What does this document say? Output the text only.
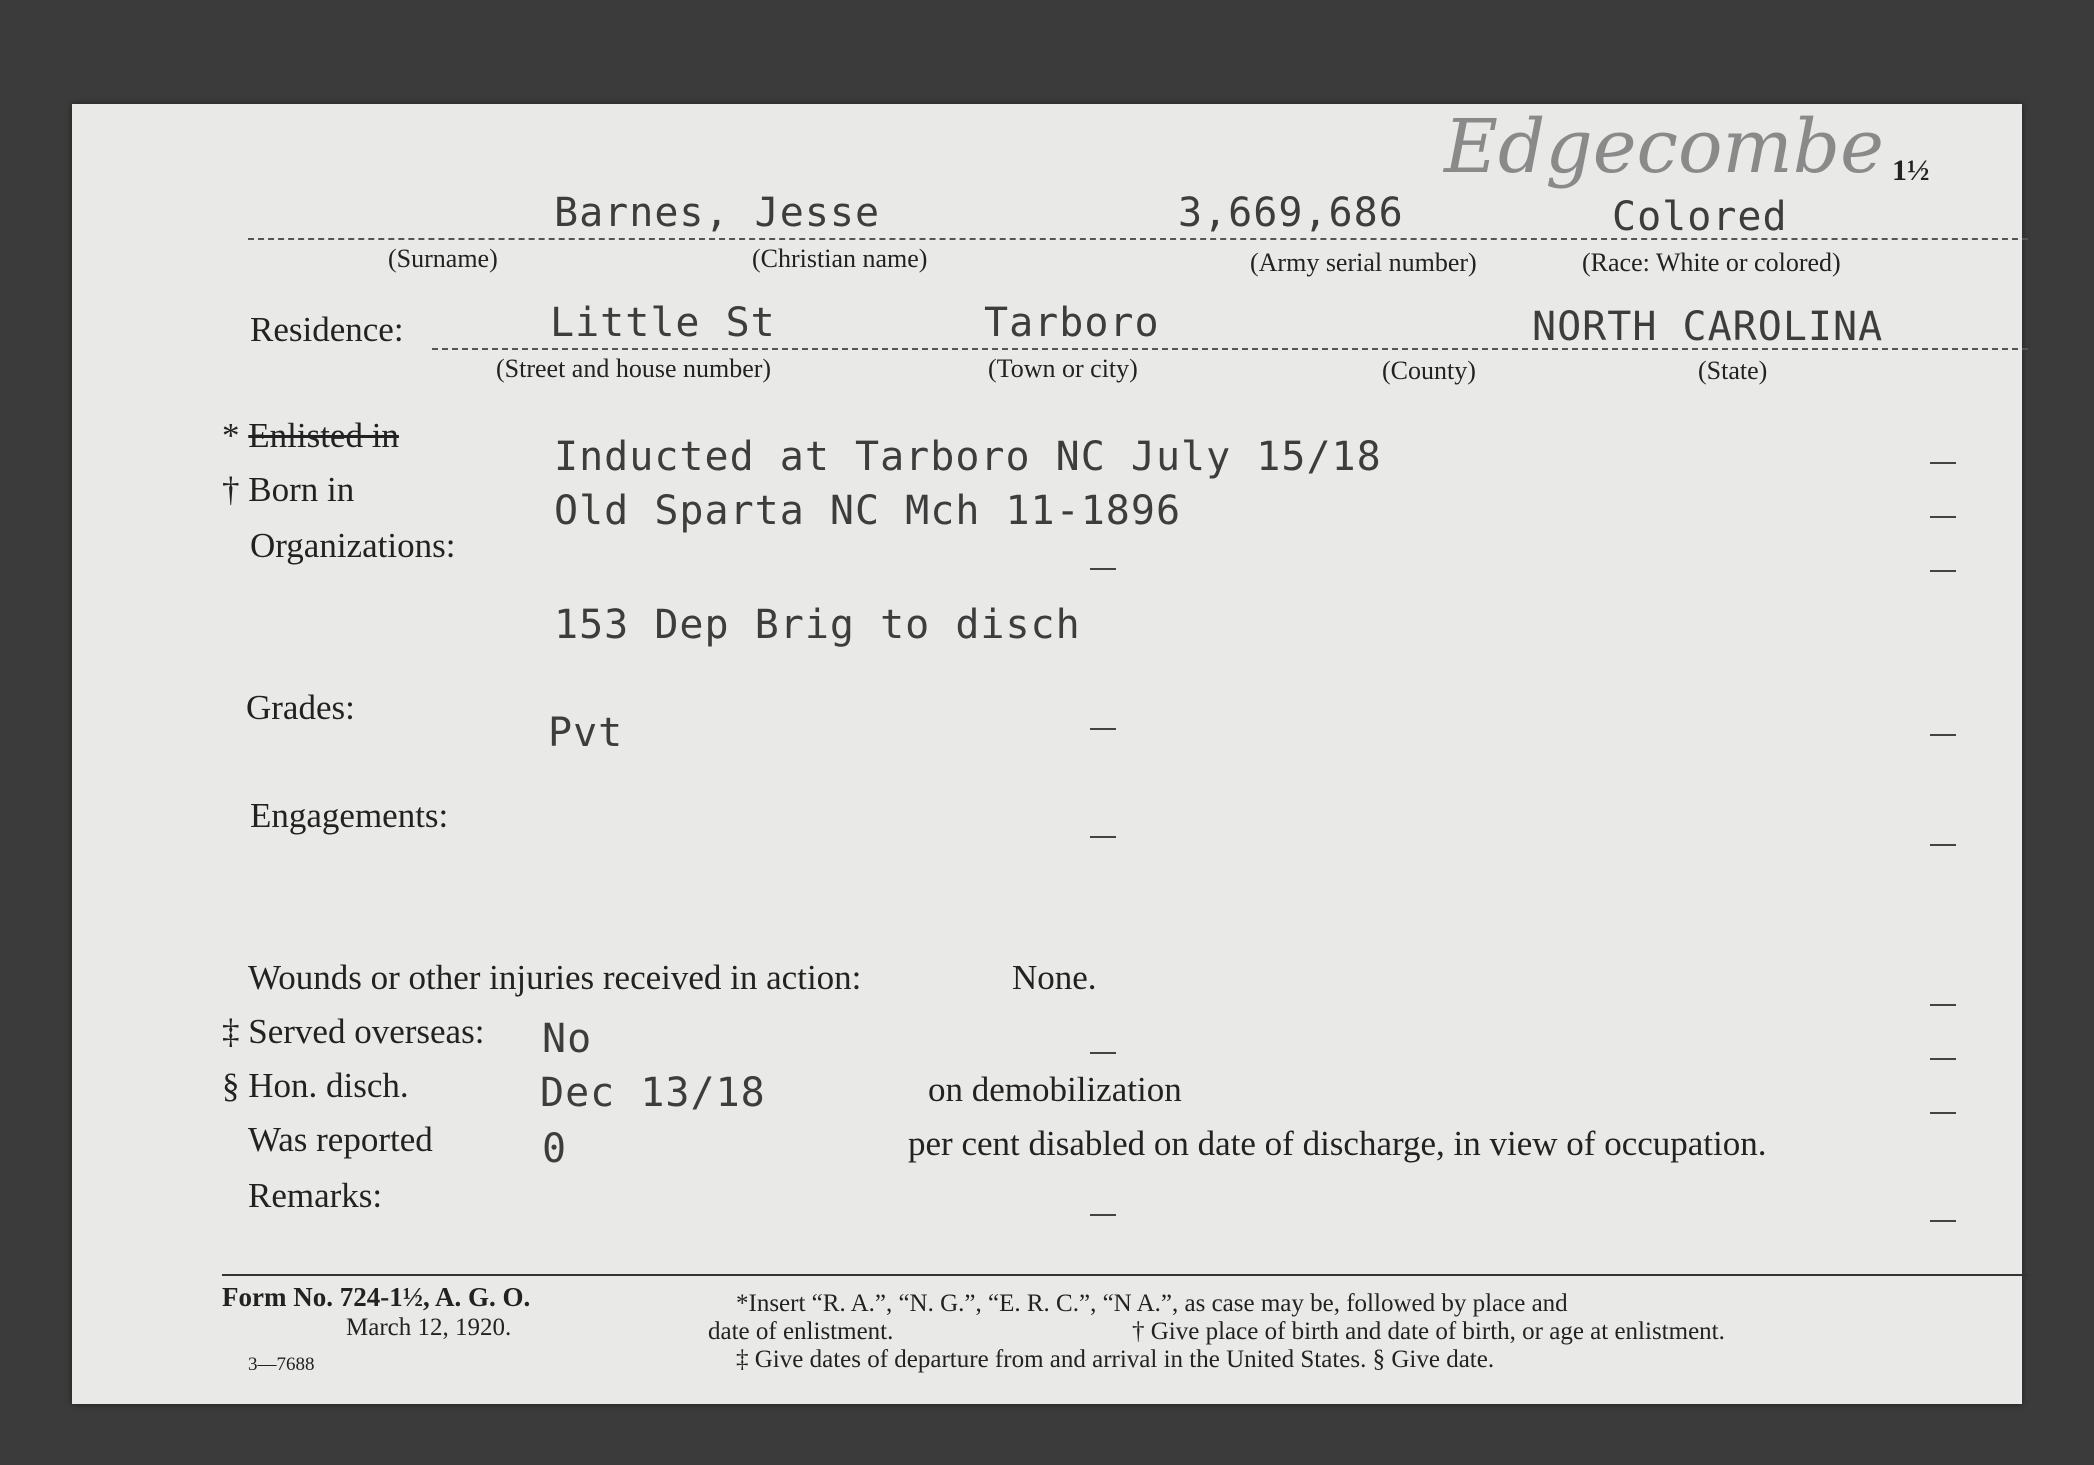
Edgecombe 1½
Barnes, Jesse	3,669,686	Colored
(Surname)	(Christian name)	(Army serial number)	(Race: White or colored)
Residence:	Little St	Tarboro	NORTH CAROLINA
(Street and house number)	(Town or city)	(County)	(State)
* Enlisted in	Inducted at Tarboro NC July 15/18
† Born in	Old Sparta NC Mch 11-1896
Organizations:
153 Dep Brig to disch
Grades:
Pvt
Engagements:
Wounds or other injuries received in action:	None.
‡ Served overseas: No
§ Hon. disch.	Dec 13/18	on demobilization
Was reported	0	per cent disabled on date of discharge, in view of occupation.
Remarks:
Form No. 724-1½, A. G. O.
March 12, 1920.
3—7688
*Insert “R. A.”, “N. G.”, “E. R. C.”, “N A.”, as case may be, followed by place and
date of enlistment.	† Give place of birth and date of birth, or age at enlistment.
‡ Give dates of departure from and arrival in the United States. § Give date.
